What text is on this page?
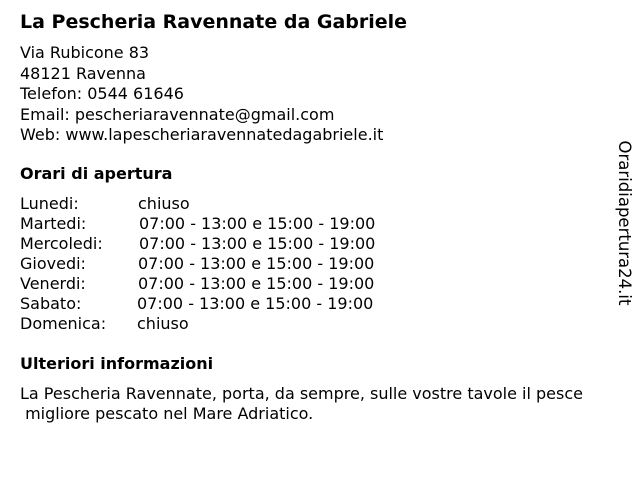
La Pescheria Ravennate da Gabriele
Via Rubicone 83
48121 Ravenna
Telefon: 0544 61646
Email: pescheriaravennate@gmail.com
Web: www.lapescheriaravennatedagabriele.it
Orari di apertura
Lunedi:	chiuso
Martedi:	07:00 - 13:00 e 15:00 - 19:00
Mercoledi: 07:00 - 13:00 e 15:00 - 19:00
Giovedi:	07:00 - 13:00 e 15:00 - 19:00
Venerdi:	07:00 - 13:00 e 15:00 - 19:00
Sabato:	07:00 - 13:00 e 15:00 - 19:00
Domenica: chiuso
Ulteriori informazioni
La Pescheria Ravennate, porta, da sempre, sulle vostre tavole il pesce
migliore pescato nel Mare Adriatico.
Oraridiapertura24.it
